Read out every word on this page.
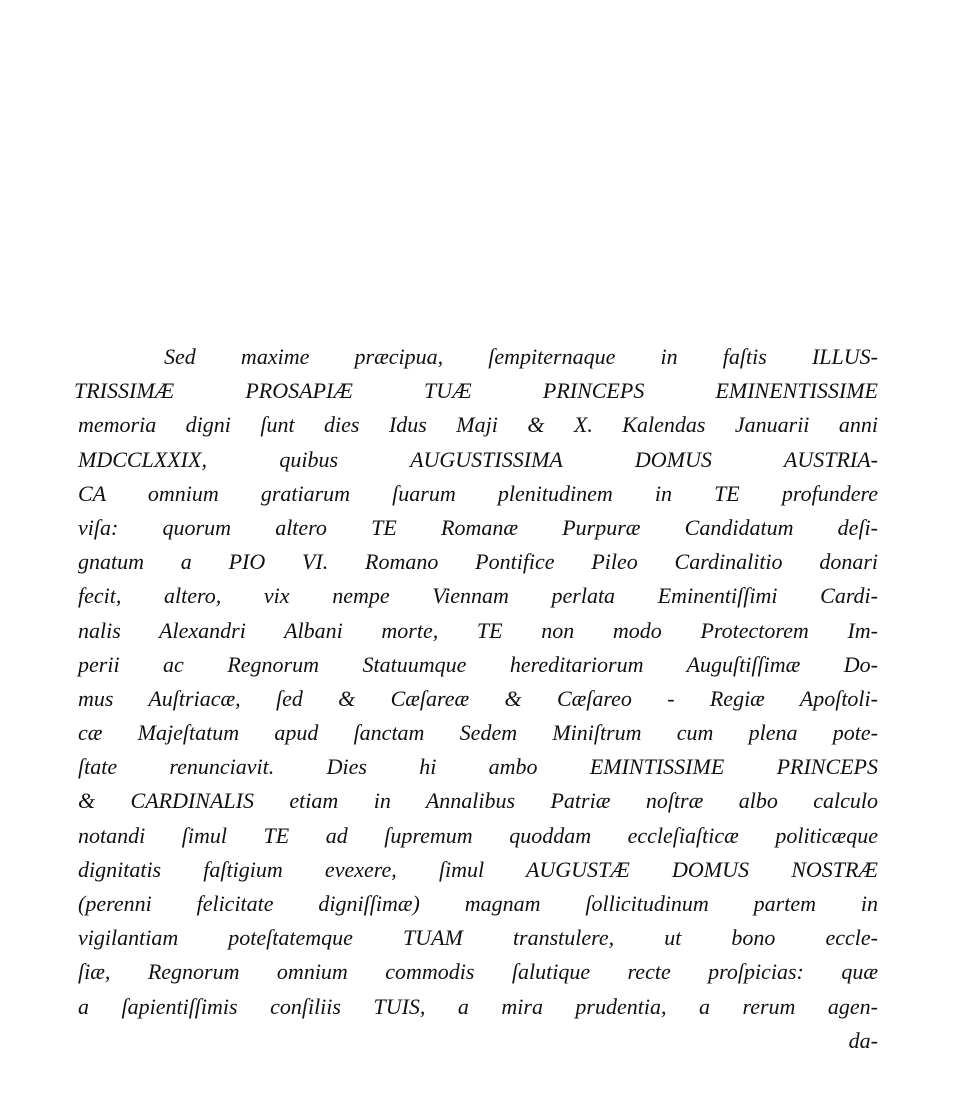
Sed maxime præcipua, ſempiternaque in faſtis ILLUS-
TRISSIMÆ PROSAPIÆ TUÆ PRINCEPS EMINENTISSIME
memoria digni ſunt dies Idus Maji & X. Kalendas Januarii anni
MDCCLXXIX, quibus AUGUSTISSIMA DOMUS AUSTRIA-
CA omnium gratiarum ſuarum plenitudinem in TE profundere
viſa: quorum altero TE Romanæ Purpuræ Candidatum deſi-
gnatum a PIO VI. Romano Pontifice Pileo Cardinalitio donari
fecit, altero, vix nempe Viennam perlata Eminentiſſimi Cardi-
nalis Alexandri Albani morte, TE non modo Protectorem Im-
perii ac Regnorum Statuumque hereditariorum Auguſtiſſimæ Do-
mus Auſtriacæ, ſed & Cæſareæ & Cæſareo - Regiæ Apoſtoli-
cæ Majeſtatum apud ſanctam Sedem Miniſtrum cum plena pote-
ſtate renunciavit. Dies hi ambo EMINTISSIME PRINCEPS
& CARDINALIS etiam in Annalibus Patriæ noſtræ albo calculo
notandi ſimul TE ad ſupremum quoddam eccleſiaſticæ politicæque
dignitatis faſtigium evexere, ſimul AUGUSTÆ DOMUS NOSTRÆ
(perenni felicitate digniſſimæ) magnam ſollicitudinum partem in
vigilantiam poteſtatemque TUAM transtulere, ut bono eccle-
ſiæ, Regnorum omnium commodis ſalutique recte proſpicias: quæ
a ſapientiſſimis conſiliis TUIS, a mira prudentia, a rerum agen-
da-
